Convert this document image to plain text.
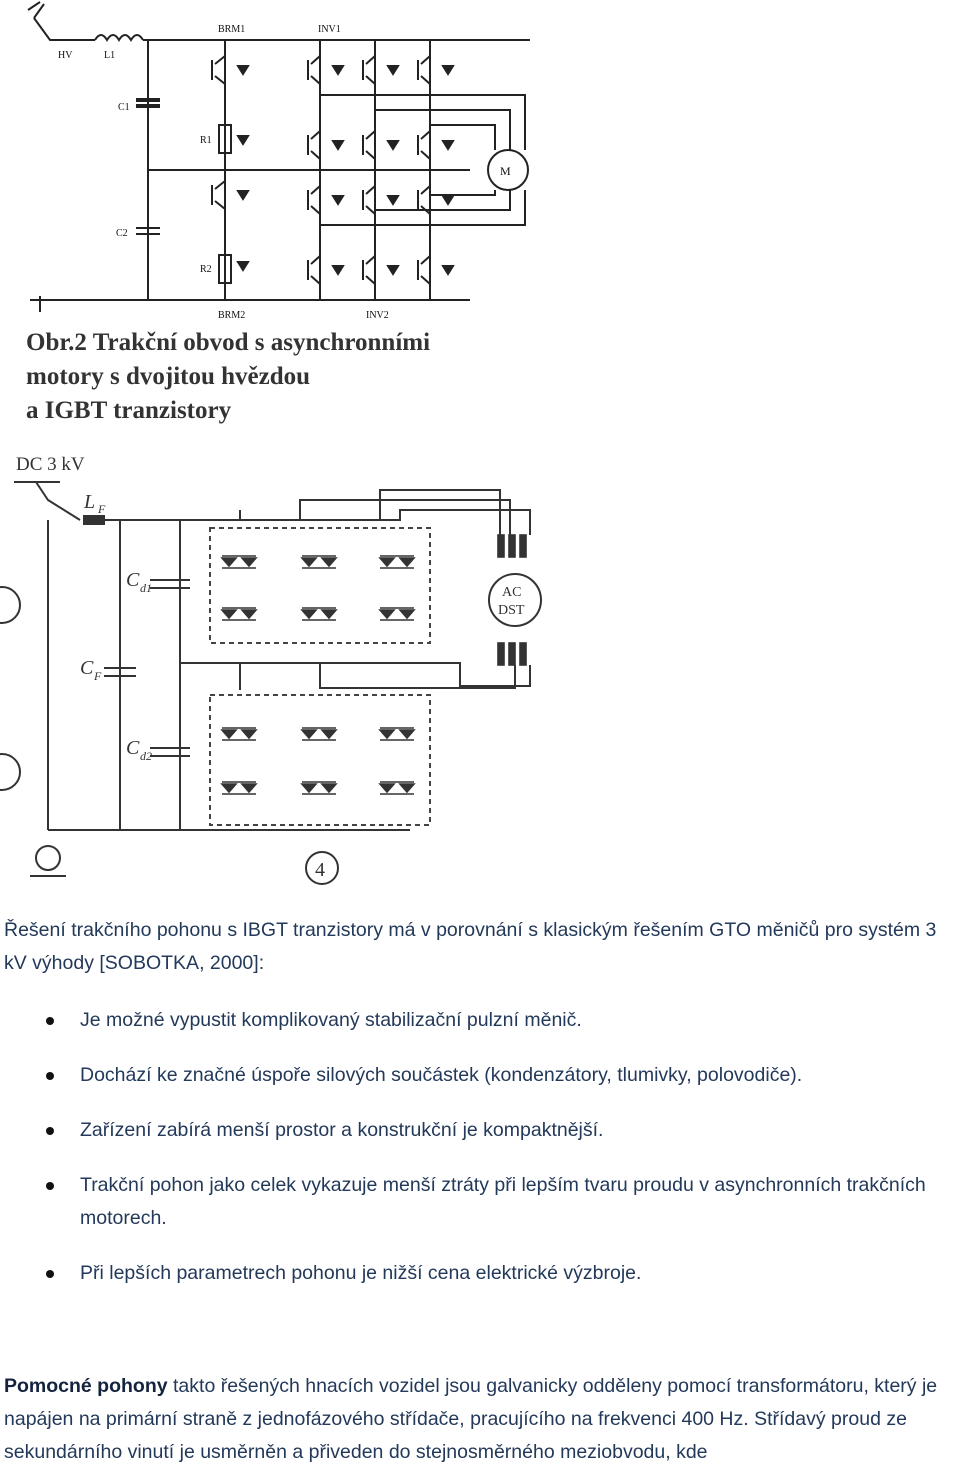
HV	L1
C1
C2
R1
R2
BRM1
BRM2
INV1
INV2
M
Obr.2 Trakční obvod s asynchronními
motory s dvojitou hvězdou
a IGBT tranzistory
DC 3 kV
L F
C d1
C F
C d2
AC
DST
4

Řešení trakčního pohonu s IBGT tranzistory má v porovnání s klasickým řešením GTO měničů pro systém 3 kV výhody [SOBOTKA, 2000]:

Je možné vypustit komplikovaný stabilizační pulzní měnič.
Dochází ke značné úspoře silových součástek (kondenzátory, tlumivky, polovodiče).
Zařízení zabírá menší prostor a konstrukční je kompaktnější.
Trakční pohon jako celek vykazuje menší ztráty při lepším tvaru proudu v asynchronních trakčních motorech.
Při lepších parametrech pohonu je nižší cena elektrické výzbroje.

Pomocné pohony takto řešených hnacích vozidel jsou galvanicky odděleny pomocí transformátoru, který je napájen na primární straně z jednofázového střídače, pracujícího na frekvenci 400 Hz. Střídavý proud ze sekundárního vinutí je usměrněn a přiveden do stejnosměrného meziobvodu, kde
